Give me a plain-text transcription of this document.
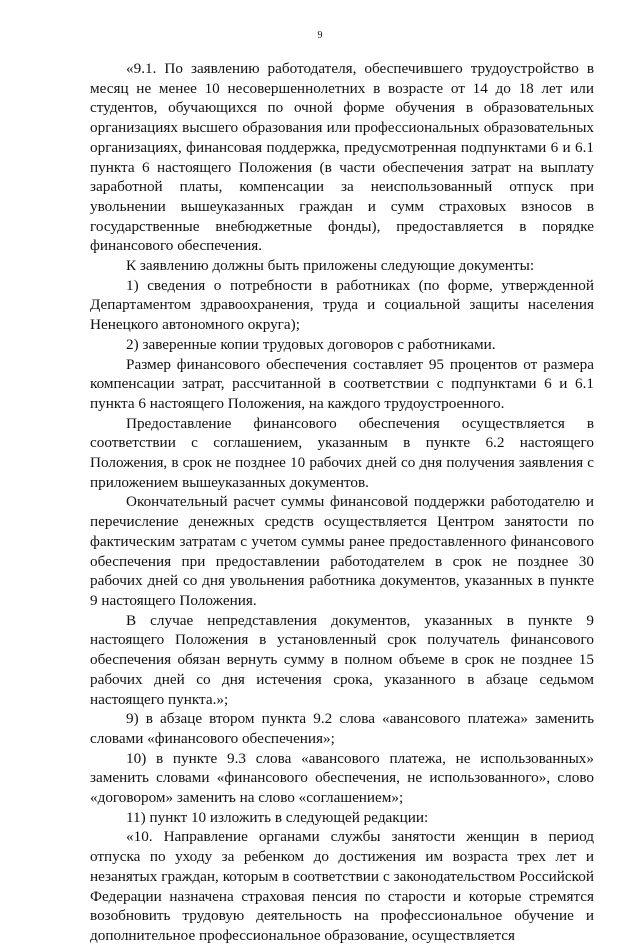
9

«9.1. По заявлению работодателя, обеспечившего трудоустройство в месяц не менее 10 несовершеннолетних в возрасте от 14 до 18 лет или студентов, обучающихся по очной форме обучения в образовательных организациях высшего образования или профессиональных образовательных организациях, финансовая поддержка, предусмотренная подпунктами 6 и 6.1 пункта 6 настоящего Положения (в части обеспечения затрат на выплату заработной платы, компенсации за неиспользованный отпуск при увольнении вышеуказанных граждан и сумм страховых взносов в государственные внебюджетные фонды), предоставляется в порядке финансового обеспечения.

К заявлению должны быть приложены следующие документы:

1) сведения о потребности в работниках (по форме, утвержденной Департаментом здравоохранения, труда и социальной защиты населения Ненецкого автономного округа);

2) заверенные копии трудовых договоров с работниками.

Размер финансового обеспечения составляет 95 процентов от размера компенсации затрат, рассчитанной в соответствии с подпунктами 6 и 6.1 пункта 6 настоящего Положения, на каждого трудоустроенного.

Предоставление финансового обеспечения осуществляется в соответствии с соглашением, указанным в пункте 6.2 настоящего Положения, в срок не позднее 10 рабочих дней со дня получения заявления с приложением вышеуказанных документов.

Окончательный расчет суммы финансовой поддержки работодателю и перечисление денежных средств осуществляется Центром занятости по фактическим затратам с учетом суммы ранее предоставленного финансового обеспечения при предоставлении работодателем в срок не позднее 30 рабочих дней со дня увольнения работника документов, указанных в пункте 9 настоящего Положения.

В случае непредставления документов, указанных в пункте 9 настоящего Положения в установленный срок получатель финансового обеспечения обязан вернуть сумму в полном объеме в срок не позднее 15 рабочих дней со дня истечения срока, указанного в абзаце седьмом настоящего пункта.»;

9) в абзаце втором пункта 9.2 слова «авансового платежа» заменить словами «финансового обеспечения»;

10) в пункте 9.3 слова «авансового платежа, не использованных» заменить словами «финансового обеспечения, не использованного», слово «договором» заменить на слово «соглашением»;

11) пункт 10 изложить в следующей редакции:

«10. Направление органами службы занятости женщин в период отпуска по уходу за ребенком до достижения им возраста трех лет и незанятых граждан, которым в соответствии с законодательством Российской Федерации назначена страховая пенсия по старости и которые стремятся возобновить трудовую деятельность на профессиональное обучение и дополнительное профессиональное образование, осуществляется
